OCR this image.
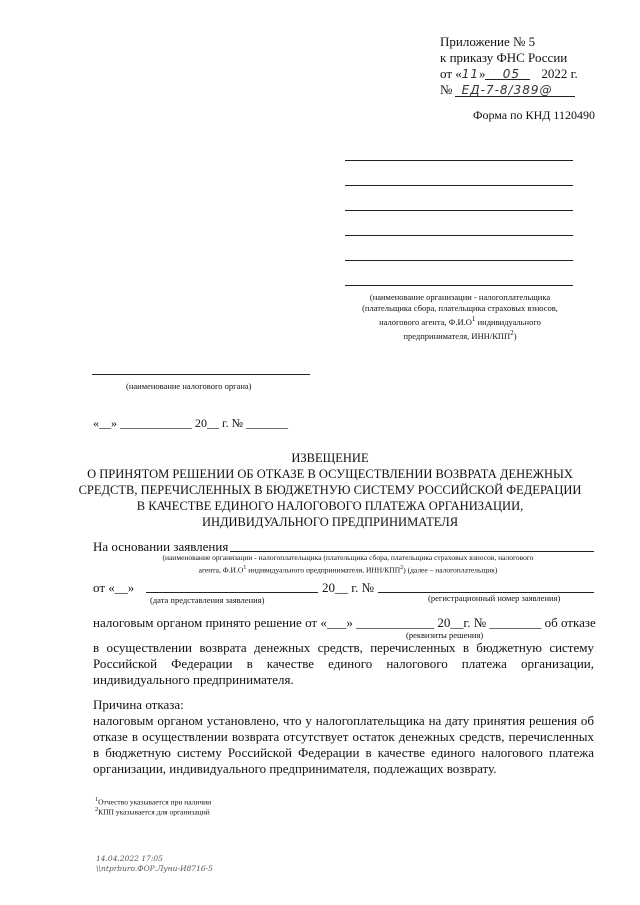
Приложение № 5
к приказу ФНС России
от «11» 05 2022 г.
№ ЕД-7-8/389@
Форма по КНД 1120490
(наименование организации - налогоплательщика
(плательщика сбора, плательщика страховых взносов,
налогового агента, $Ф.И.О^1$ индивидуального
предпринимателя, ИНН/КПП$^2$)
(наименование налогового органа)
«__» ____________ 20__ г. № _______
ИЗВЕЩЕНИЕ
О ПРИНЯТОМ РЕШЕНИИ ОБ ОТКАЗЕ В ОСУЩЕСТВЛЕНИИ ВОЗВРАТА ДЕНЕЖНЫХ
СРЕДСТВ, ПЕРЕЧИСЛЕННЫХ В БЮДЖЕТНУЮ СИСТЕМУ РОССИЙСКОЙ ФЕДЕРАЦИИ
В КАЧЕСТВЕ ЕДИНОГО НАЛОГОВОГО ПЛАТЕЖА ОРГАНИЗАЦИИ,
ИНДИВИДУАЛЬНОГО ПРЕДПРИНИМАТЕЛЯ
На основании заявления
(наименование организации - налогоплательщика (плательщика сбора, плательщика страховых взносов, налогового
агента, $Ф.И.О^1$ индивидуального предпринимателя, ИНН/КПП$^2$) (далее – налогоплательщик)
от «__»	20__ г. №
(дата представления заявления)	(регистрационный номер заявления)
налоговым органом принято решение от «___» ____________ 20__г. № ________ об отказе
(реквизиты решения)
в осуществлении возврата денежных средств, перечисленных в бюджетную систему Российской Федерации в качестве единого налогового платежа организации, индивидуального предпринимателя.
Причина отказа:
налоговым органом установлено, что у налогоплательщика на дату принятия решения об отказе в осуществлении возврата отсутствует остаток денежных средств, перечисленных в бюджетную систему Российской Федерации в качестве единого налогового платежа организации, индивидуального предпринимателя, подлежащих возврату.
$^1$Отчество указывается при наличии
$^2$КПП указывается для организаций
14.04.2022 17:05
\\ntprburo.ФОР.Луни-И8716-5
